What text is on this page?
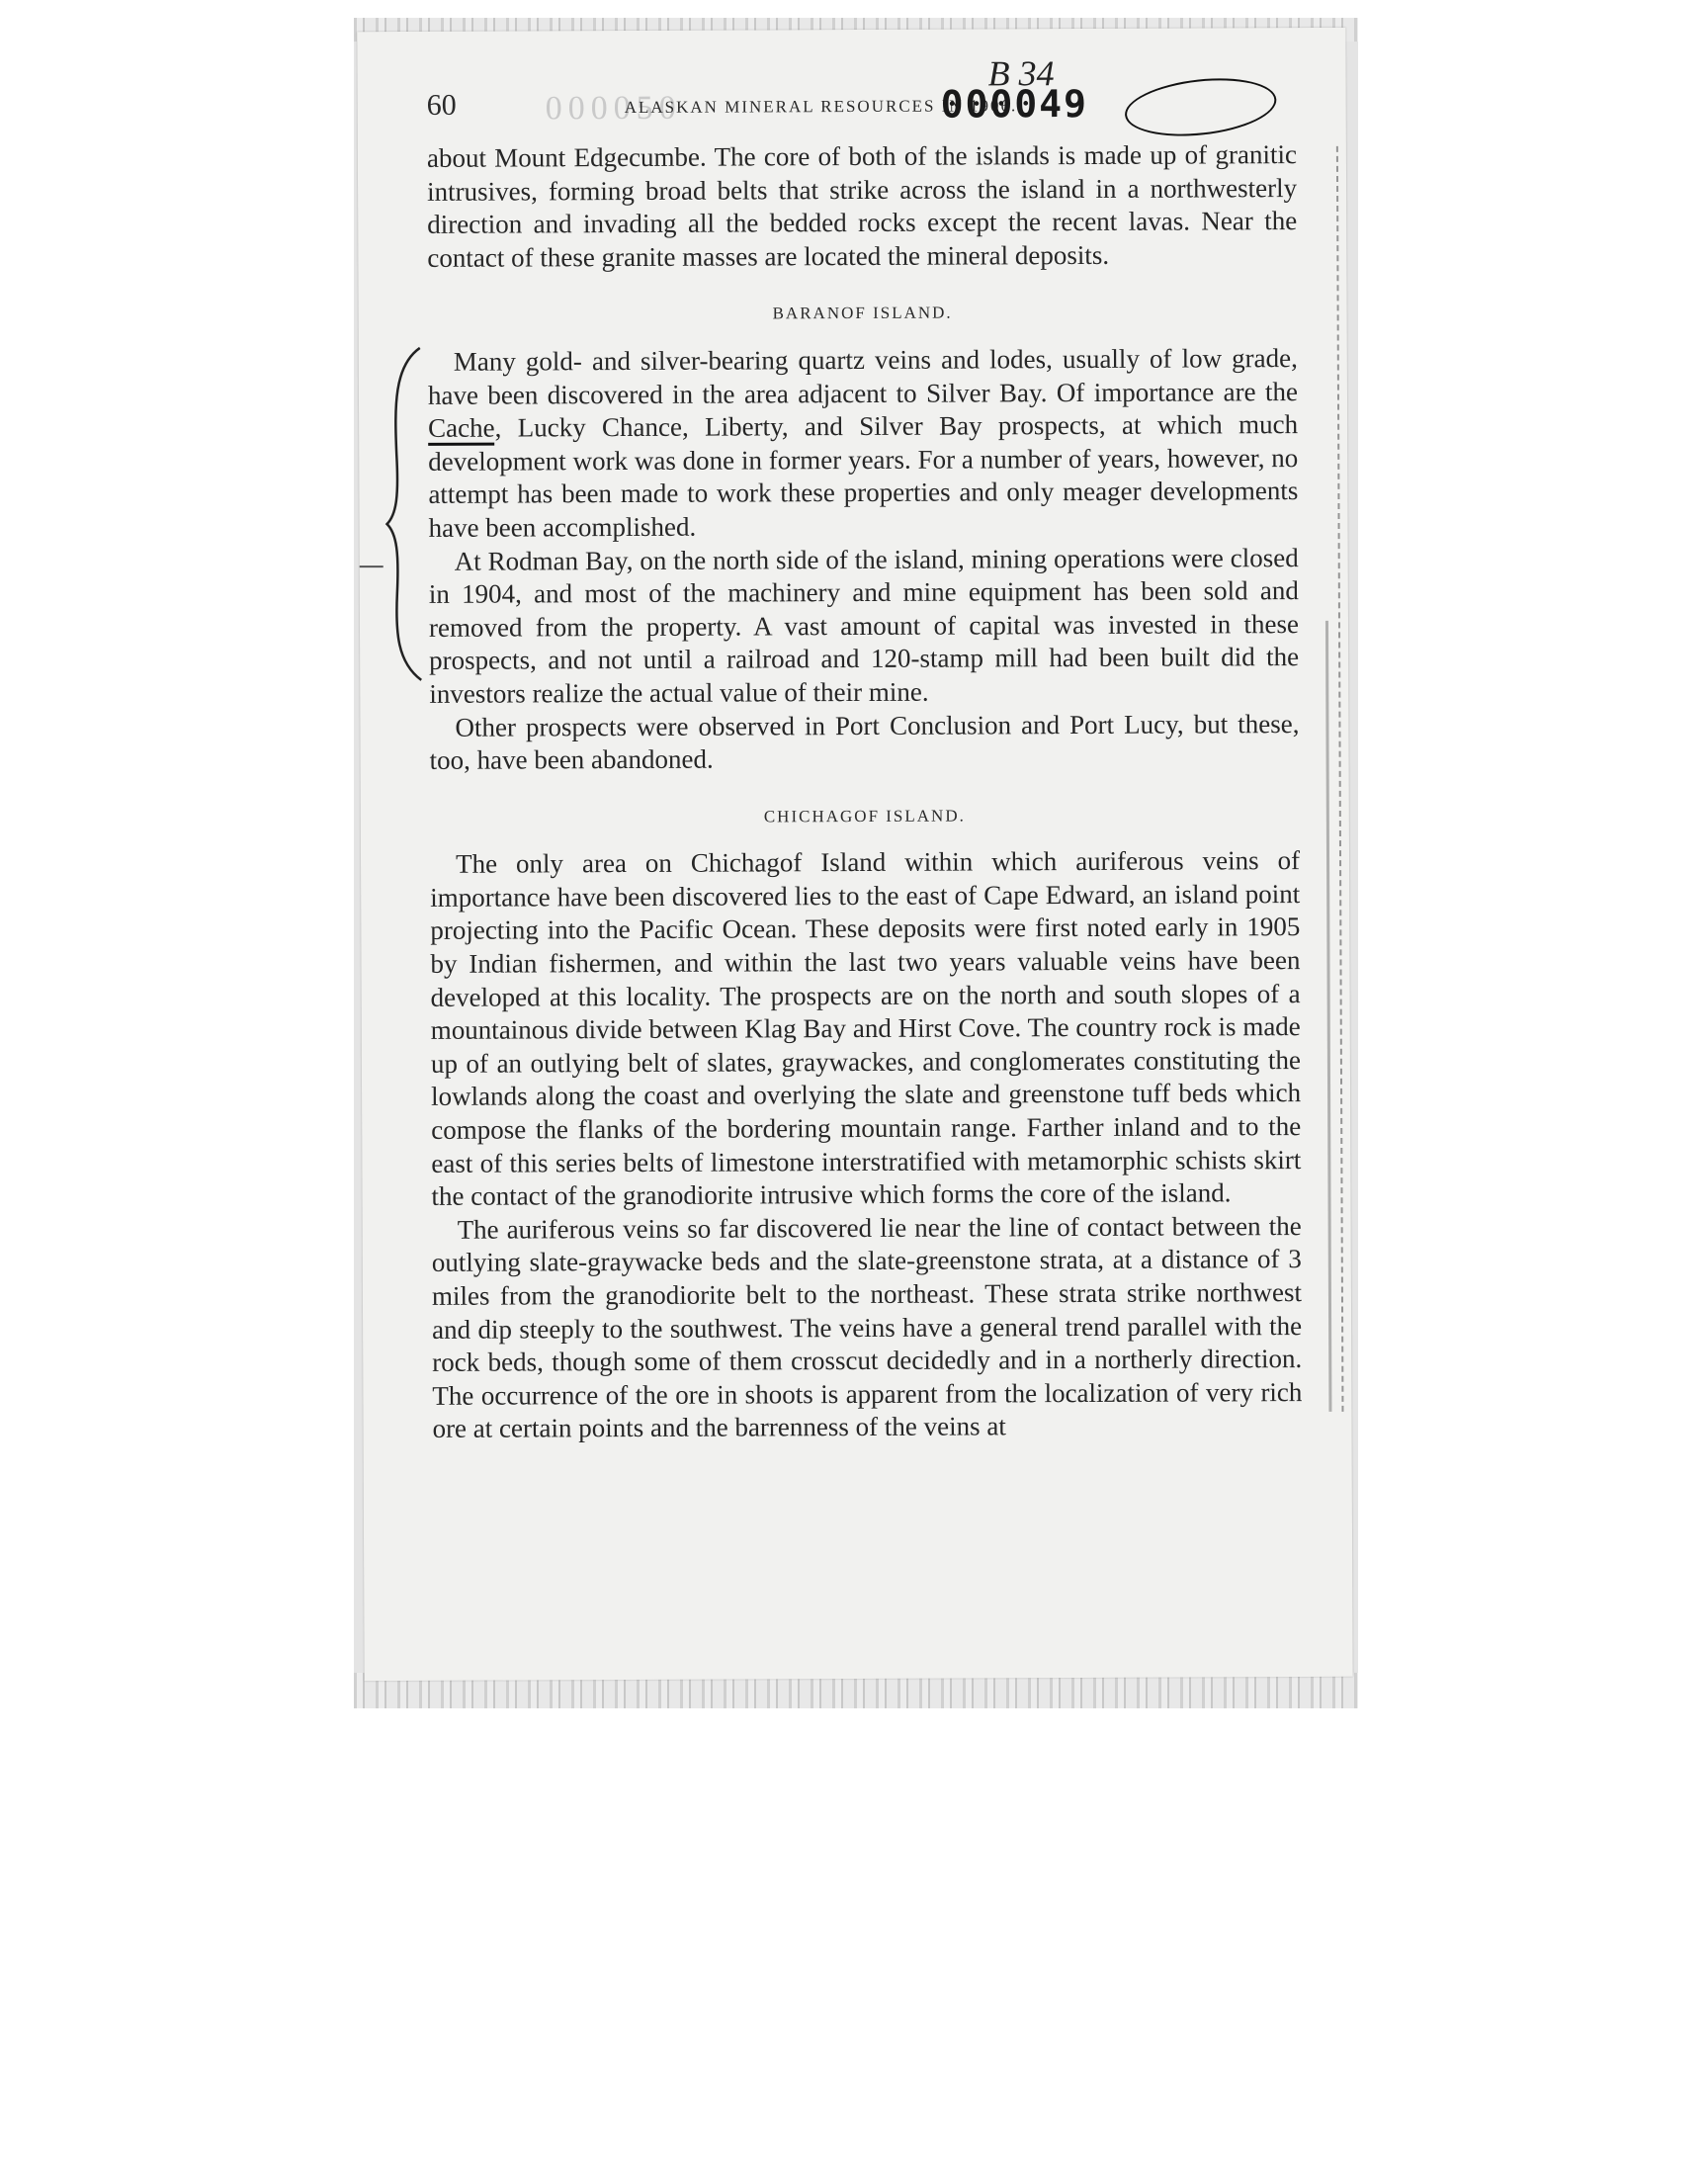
60	000050
ALASKAN MINERAL RESOURCES IN 1906.
000049
B 34

about Mount Edgecumbe. The core of both of the islands is made up of granitic intrusives, forming broad belts that strike across the island in a northwesterly direction and invading all the bedded rocks except the recent lavas. Near the contact of these granite masses are located the mineral deposits.

BARANOF ISLAND.

Many gold- and silver-bearing quartz veins and lodes, usually of low grade, have been discovered in the area adjacent to Silver Bay. Of importance are the Cache, Lucky Chance, Liberty, and Silver Bay prospects, at which much development work was done in former years. For a number of years, however, no attempt has been made to work these properties and only meager developments have been accomplished.

At Rodman Bay, on the north side of the island, mining operations were closed in 1904, and most of the machinery and mine equipment has been sold and removed from the property. A vast amount of capital was invested in these prospects, and not until a railroad and 120-stamp mill had been built did the investors realize the actual value of their mine.

Other prospects were observed in Port Conclusion and Port Lucy, but these, too, have been abandoned.

CHICHAGOF ISLAND.

The only area on Chichagof Island within which auriferous veins of importance have been discovered lies to the east of Cape Edward, an island point projecting into the Pacific Ocean. These deposits were first noted early in 1905 by Indian fishermen, and within the last two years valuable veins have been developed at this locality. The prospects are on the north and south slopes of a mountainous divide between Klag Bay and Hirst Cove. The country rock is made up of an outlying belt of slates, graywackes, and conglomerates constituting the lowlands along the coast and overlying the slate and greenstone tuff beds which compose the flanks of the bordering mountain range. Farther inland and to the east of this series belts of limestone interstratified with metamorphic schists skirt the contact of the granodiorite intrusive which forms the core of the island.

The auriferous veins so far discovered lie near the line of contact between the outlying slate-graywacke beds and the slate-greenstone strata, at a distance of 3 miles from the granodiorite belt to the northeast. These strata strike northwest and dip steeply to the southwest. The veins have a general trend parallel with the rock beds, though some of them crosscut decidedly and in a northerly direction. The occurrence of the ore in shoots is apparent from the localization of very rich ore at certain points and the barrenness of the veins at
